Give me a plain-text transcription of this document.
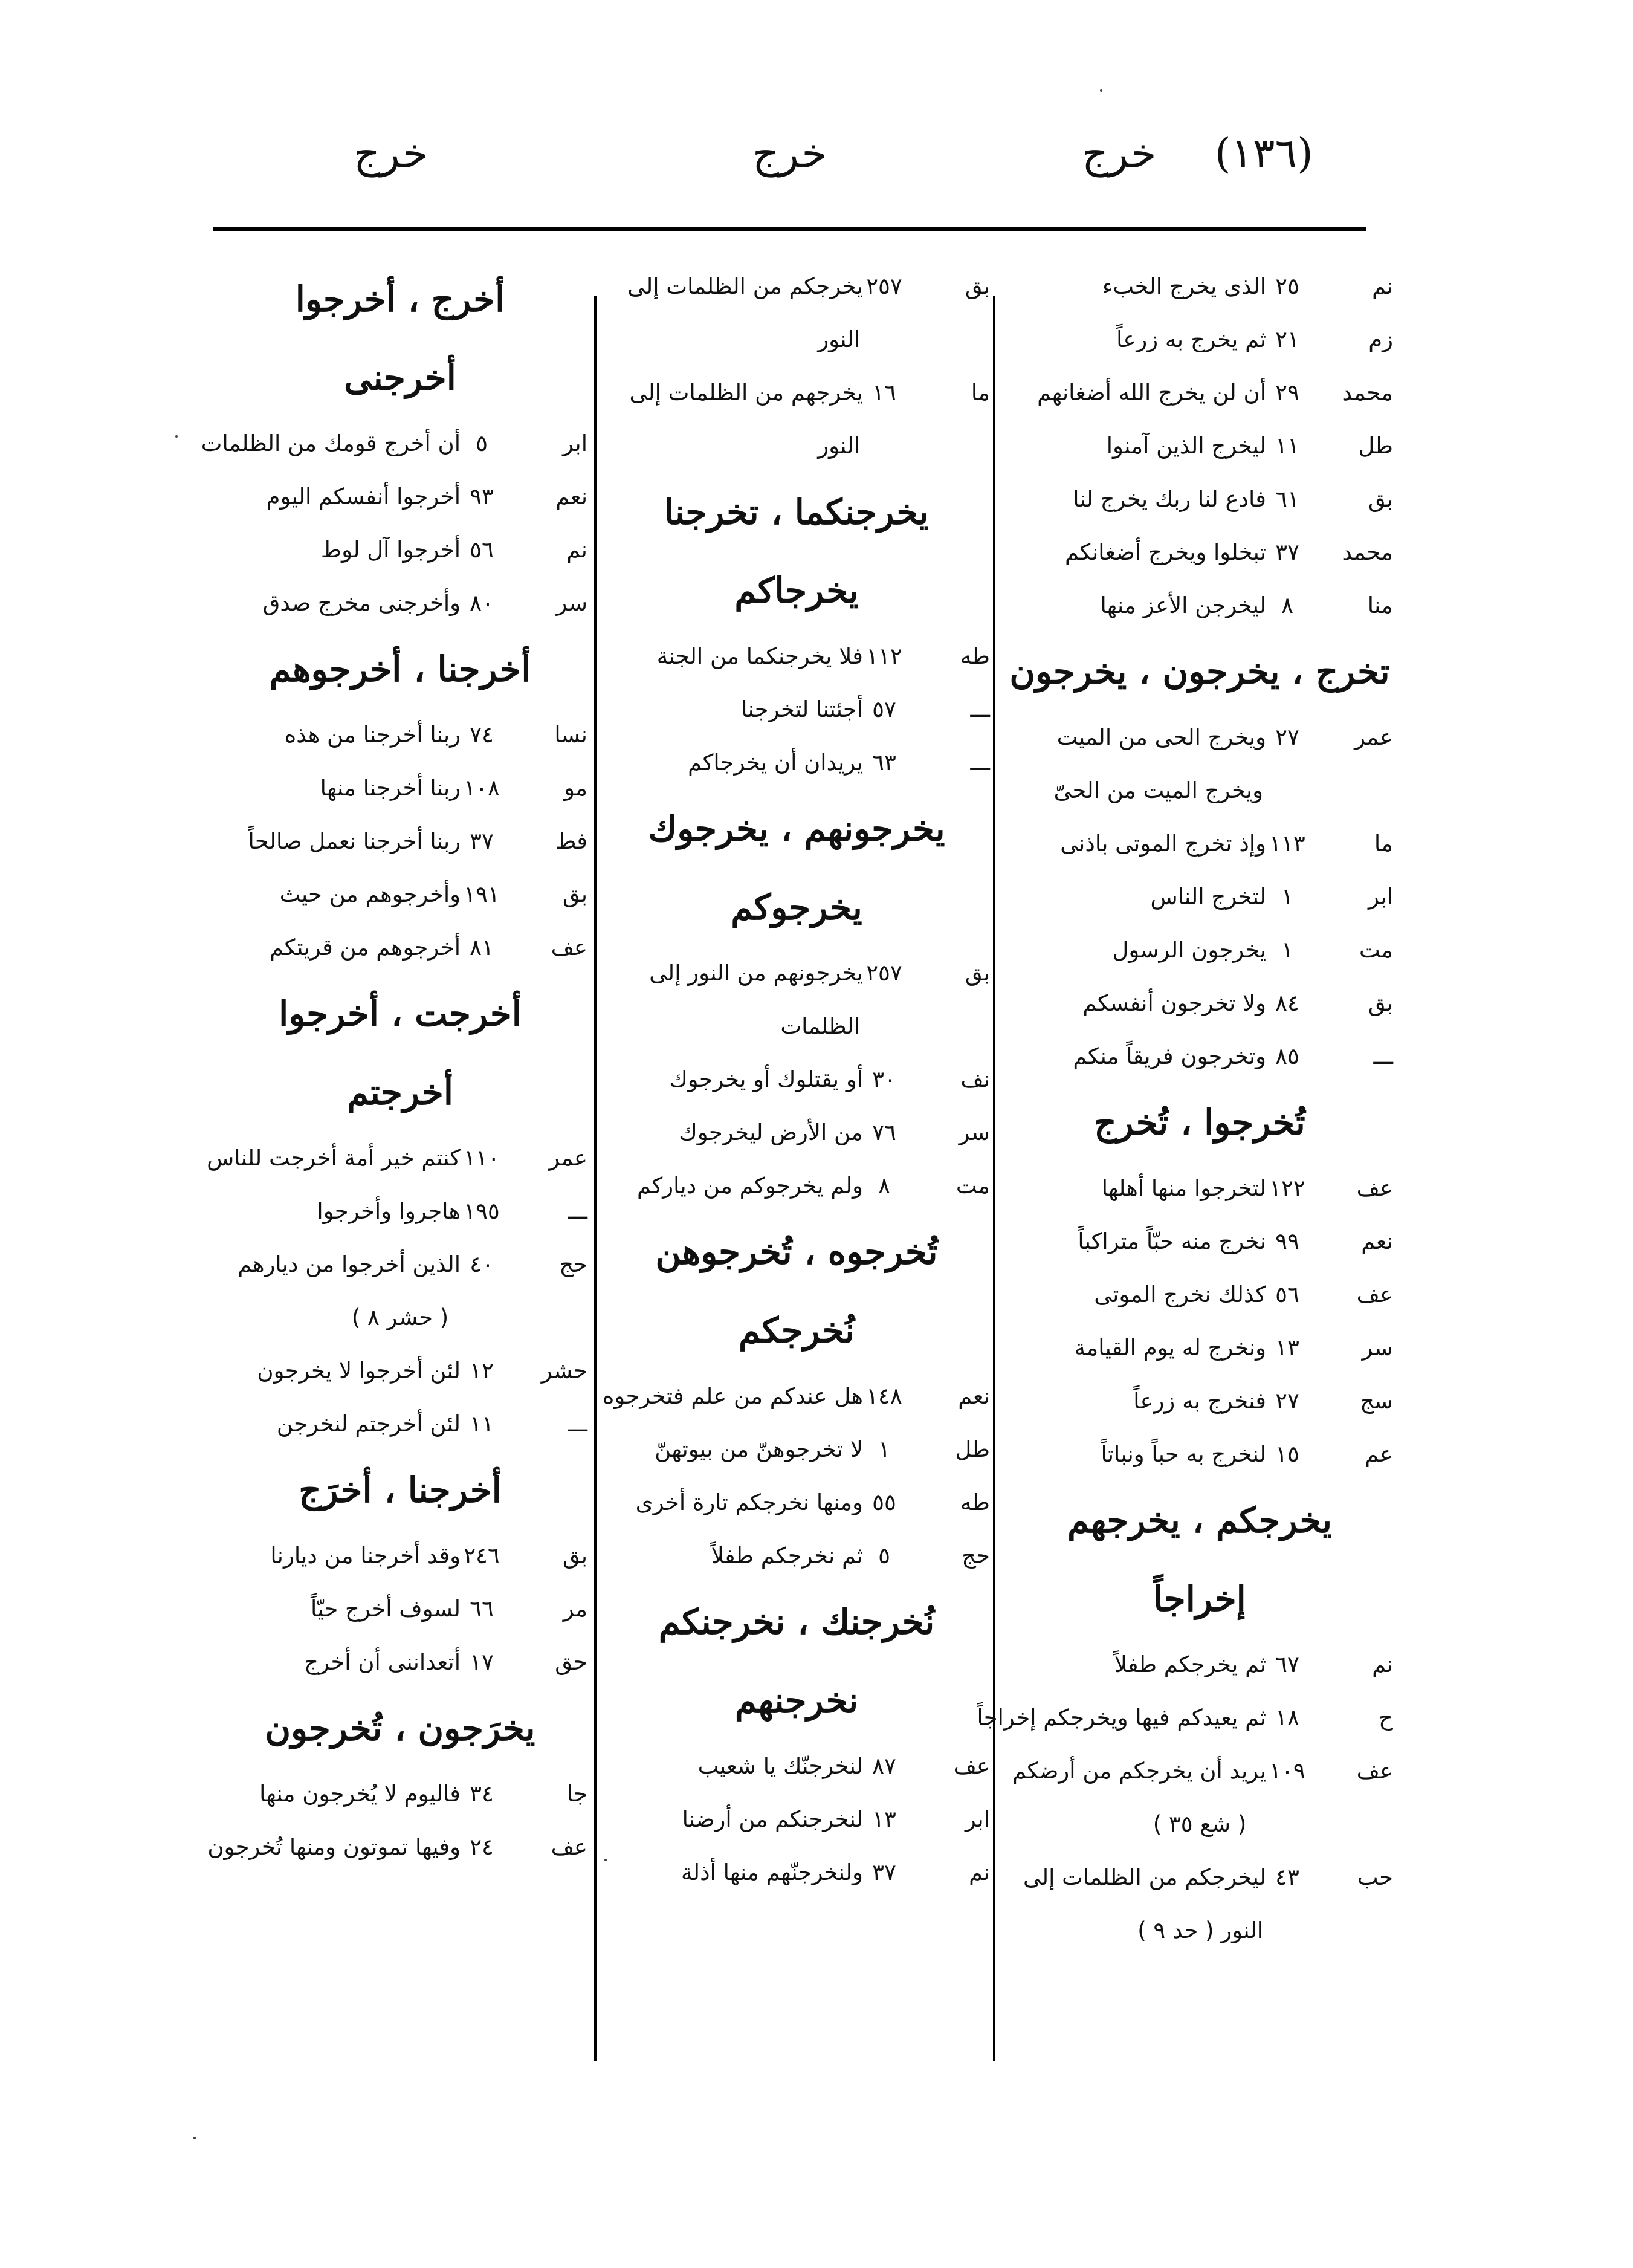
(١٣٦)
خرج
خرج
خرج
نم٢٥الذى يخرج الخبء
زم٢١ثم يخرج به زرعاً
محمد٢٩أن لن يخرج الله أضغانهم
طل١١ليخرج الذين آمنوا
بق٦١فادع لنا ربك يخرج لنا
محمد٣٧تبخلوا ويخرج أضغانكم
منا٨ليخرجن الأعز منها
تخرج ، يخرجون ، يخرجون
عمر٢٧ويخرج الحى من الميت
ويخرج الميت من الحىّ
ما١١٣وإذ تخرج الموتى باذنى
ابر١لتخرج الناس
مت١يخرجون الرسول
بق٨٤ولا تخرجون أنفسكم
ـــ٨٥وتخرجون فريقاً منكم
تُخرجوا ، تُخرج
عف١٢٢لتخرجوا منها أهلها
نعم٩٩نخرج منه حبّاً متراكباً
عف٥٦كذلك نخرج الموتى
سر١٣ونخرج له يوم القيامة
سج٢٧فنخرج به زرعاً
عم١٥لنخرج به حباً ونباتاً
يخرجكم ، يخرجهم
إخراجاً
نم٦٧ثم يخرجكم طفلاً
ح١٨ثم يعيدكم فيها ويخرجكم إخراجاً
عف١٠٩يريد أن يخرجكم من أرضكم
( شع ٣٥ )
حب٤٣ليخرجكم من الظلمات إلى
النور ( حد ٩ )
بق٢٥٧يخرجكم من الظلمات إلى
النور
ما١٦يخرجهم من الظلمات إلى
النور
يخرجنكما ، تخرجنا
يخرجاكم
طه١١٢فلا يخرجنكما من الجنة
ـــ٥٧أجئتنا لتخرجنا
ـــ٦٣يريدان أن يخرجاكم
يخرجونهم ، يخرجوك
يخرجوكم
بق٢٥٧يخرجونهم من النور إلى
الظلمات
نف٣٠أو يقتلوك أو يخرجوك
سر٧٦من الأرض ليخرجوك
مت٨ولم يخرجوكم من دياركم
تُخرجوه ، تُخرجوهن
نُخرجكم
نعم١٤٨هل عندكم من علم فتخرجوه
طل١لا تخرجوهنّ من بيوتهنّ
طه٥٥ومنها نخرجكم تارة أخرى
حج٥ثم نخرجكم طفلاً
نُخرجنك ، نخرجنكم
نخرجنهم
عف٨٧لنخرجنّك يا شعيب
ابر١٣لنخرجنكم من أرضنا
نم٣٧ولنخرجنّهم منها أذلة
أخرج ، أخرجوا
أخرجنى
ابر٥أن أخرج قومك من الظلمات
نعم٩٣أخرجوا أنفسكم اليوم
نم٥٦أخرجوا آل لوط
سر٨٠وأخرجنى مخرج صدق
أخرجنا ، أخرجوهم
نسا٧٤ربنا أخرجنا من هذه
مو١٠٨ربنا أخرجنا منها
فط٣٧ربنا أخرجنا نعمل صالحاً
بق١٩١وأخرجوهم من حيث
عف٨١أخرجوهم من قريتكم
أخرجت ، أخرجوا
أخرجتم
عمر١١٠كنتم خير أمة أخرجت للناس
ـــ١٩٥هاجروا وأخرجوا
حج٤٠الذين أخرجوا من ديارهم
( حشر ٨ )
حشر١٢لئن أخرجوا لا يخرجون
ـــ١١لئن أخرجتم لنخرجن
أخرجنا ، أخرَج
بق٢٤٦وقد أخرجنا من ديارنا
مر٦٦لسوف أخرج حيّاً
حق١٧أتعداننى أن أخرج
يخرَجون ، تُخرجون
جا٣٤فاليوم لا يُخرجون منها
عف٢٤وفيها تموتون ومنها تُخرجون
